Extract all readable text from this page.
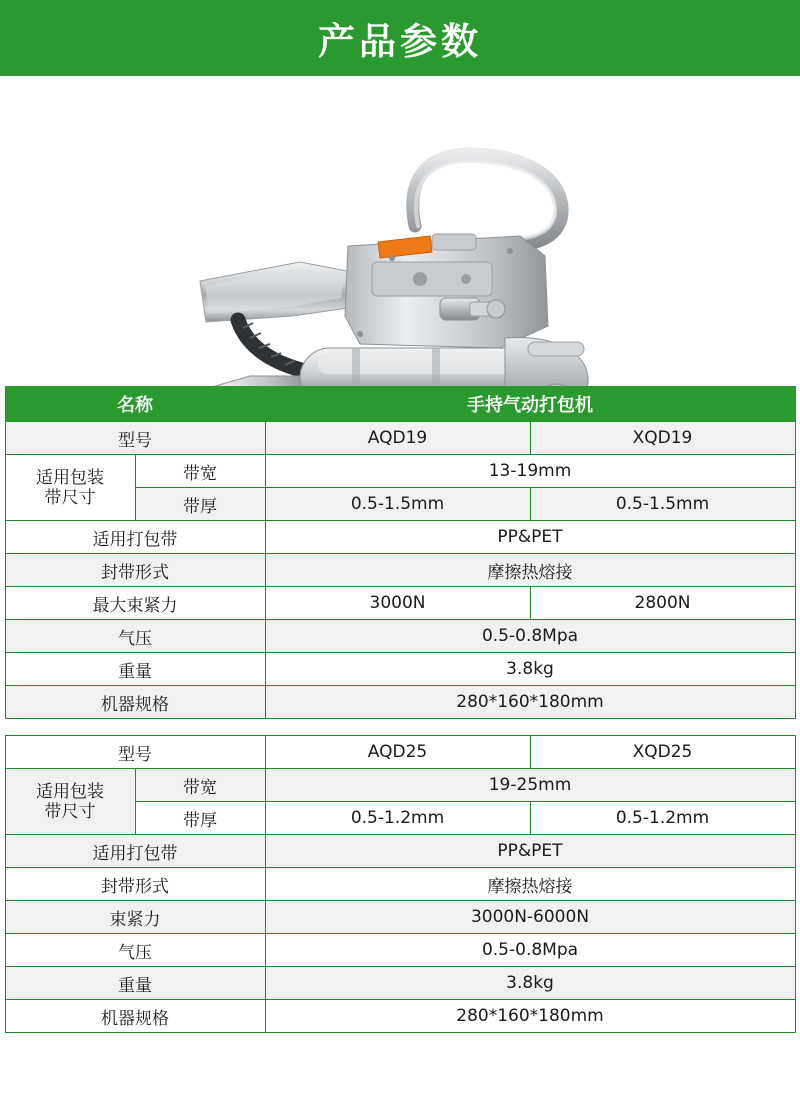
产品参数
名称		手持气动打包机	
型号		AQD19	XQD19

适用包装
带尺寸	带宽	13-19mm	
	带厚	0.5-1.5mm	0.5-1.5mm
适用打包带		PP&PET	
封带形式		摩擦热熔接	
最大束紧力		3000N	2800N
气压		0.5-0.8Mpa	
重量		3.8kg	
机器规格		280*160*180mm	
型号		AQD25	XQD25

适用包装
带尺寸	带宽	19-25mm	
	带厚	0.5-1.2mm	0.5-1.2mm
适用打包带		PP&PET	
封带形式		摩擦热熔接	
束紧力		3000N-6000N	
气压		0.5-0.8Mpa	
重量		3.8kg	
机器规格		280*160*180mm	
